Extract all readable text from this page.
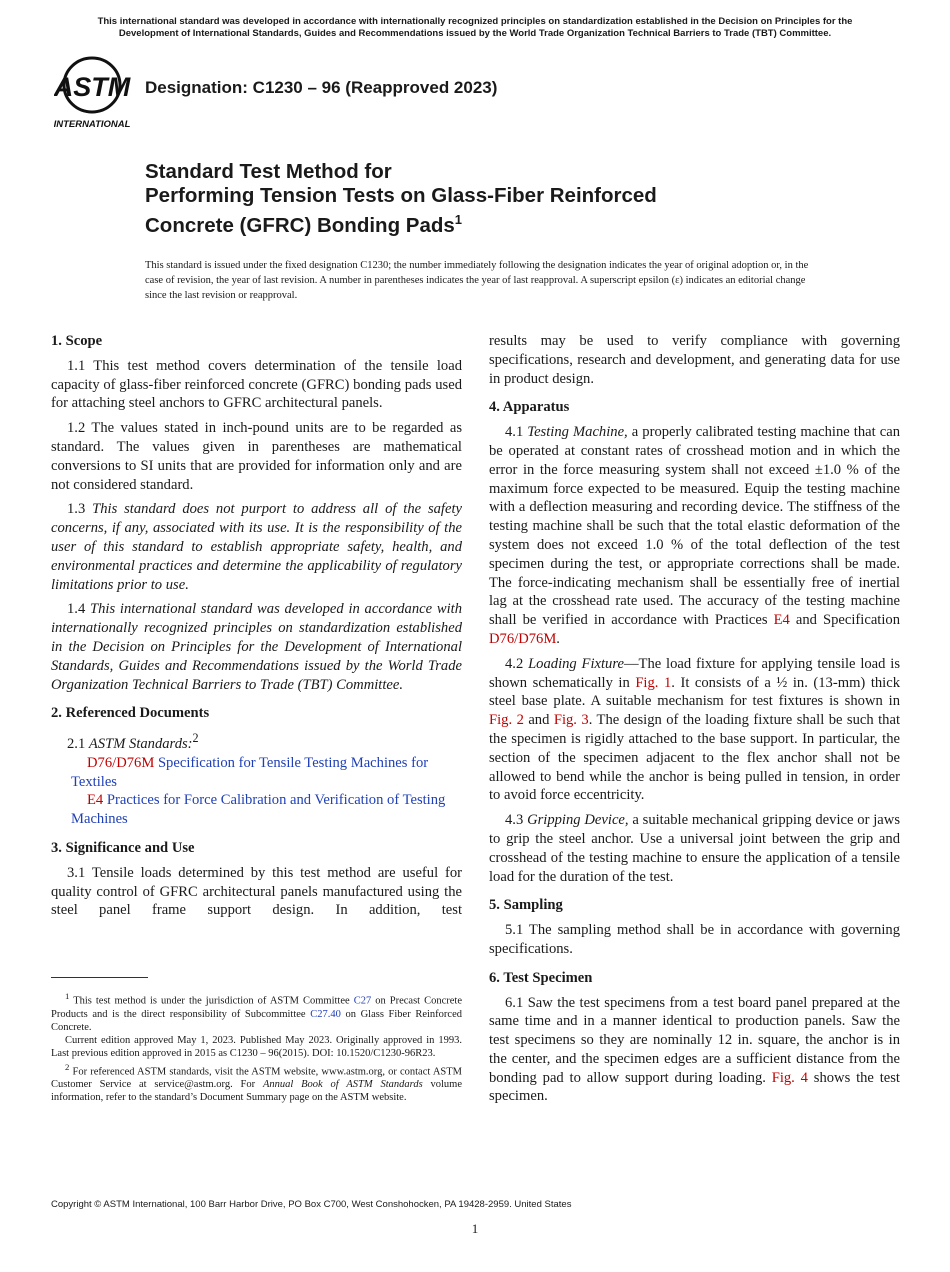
This international standard was developed in accordance with internationally recognized principles on standardization established in the Decision on Principles for the
Development of International Standards, Guides and Recommendations issued by the World Trade Organization Technical Barriers to Trade (TBT) Committee.
ASTM
INTERNATIONAL
Designation: C1230 – 96 (Reapproved 2023)
Standard Test Method for
Performing Tension Tests on Glass-Fiber Reinforced
Concrete (GFRC) Bonding Pads$^1$
This standard is issued under the fixed designation C1230; the number immediately following the designation indicates the year of original adoption or, in the case of revision, the year of last revision. A number in parentheses indicates the year of last reapproval. A superscript epsilon (ε) indicates an editorial change since the last revision or reapproval.
1. Scope

1.1 This test method covers determination of the tensile load capacity of glass-fiber reinforced concrete (GFRC) bonding pads used for attaching steel anchors to GFRC architectural panels.

1.2 The values stated in inch-pound units are to be regarded as standard. The values given in parentheses are mathematical conversions to SI units that are provided for information only and are not considered standard.

1.3 This standard does not purport to address all of the safety concerns, if any, associated with its use. It is the responsibility of the user of this standard to establish appropriate safety, health, and environmental practices and determine the applicability of regulatory limitations prior to use.

1.4 This international standard was developed in accordance with internationally recognized principles on standardization established in the Decision on Principles for the Development of International Standards, Guides and Recommendations issued by the World Trade Organization Technical Barriers to Trade (TBT) Committee.

2. Referenced Documents

2.1 ASTM Standards:$^2$

D76/D76M Specification for Tensile Testing Machines for Textiles

E4 Practices for Force Calibration and Verification of Testing Machines

3. Significance and Use

3.1 Tensile loads determined by this test method are useful for quality control of GFRC architectural panels manufactured using the steel panel frame support design. In addition, test

$^1$ This test method is under the jurisdiction of ASTM Committee C27 on Precast Concrete Products and is the direct responsibility of Subcommittee C27.40 on Glass Fiber Reinforced Concrete.

Current edition approved May 1, 2023. Published May 2023. Originally approved in 1993. Last previous edition approved in 2015 as C1230 – 96(2015). DOI: 10.1520/C1230-96R23.

$^2$ For referenced ASTM standards, visit the ASTM website, www.astm.org, or contact ASTM Customer Service at service@astm.org. For Annual Book of ASTM Standards volume information, refer to the standard’s Document Summary page on the ASTM website.

results may be used to verify compliance with governing specifications, research and development, and generating data for use in product design.

4. Apparatus

4.1 Testing Machine, a properly calibrated testing machine that can be operated at constant rates of crosshead motion and in which the error in the force measuring system shall not exceed ±1.0 % of the maximum force expected to be measured. Equip the testing machine with a deflection measuring and recording device. The stiffness of the testing machine shall be such that the total elastic deformation of the system does not exceed 1.0 % of the total deflection of the test specimen during the test, or appropriate corrections shall be made. The force-indicating mechanism shall be essentially free of inertial lag at the crosshead rate used. The accuracy of the testing machine shall be verified in accordance with Practices E4 and Specification D76/D76M.

4.2 Loading Fixture—The load fixture for applying tensile load is shown schematically in Fig. 1. It consists of a ½ in. (13-mm) thick steel base plate. A suitable mechanism for test fixtures is shown in Fig. 2 and Fig. 3. The design of the loading fixture shall be such that the specimen is rigidly attached to the base support. In particular, the section of the specimen adjacent to the flex anchor shall not be allowed to bend while the anchor is being pulled in tension, in order to avoid force eccentricity.

4.3 Gripping Device, a suitable mechanical gripping device or jaws to grip the steel anchor. Use a universal joint between the grip and crosshead of the testing machine to ensure the application of a tensile load for the duration of the test.

5. Sampling

5.1 The sampling method shall be in accordance with governing specifications.

6. Test Specimen

6.1 Saw the test specimens from a test board panel prepared at the same time and in a manner identical to production panels. Saw the test specimens so they are nominally 12 in. square, the anchor is in the center, and the specimen edges are a sufficient distance from the bonding pad to allow support during loading. Fig. 4 shows the test specimen.

Copyright © ASTM International, 100 Barr Harbor Drive, PO Box C700, West Conshohocken, PA 19428-2959. United States
1
